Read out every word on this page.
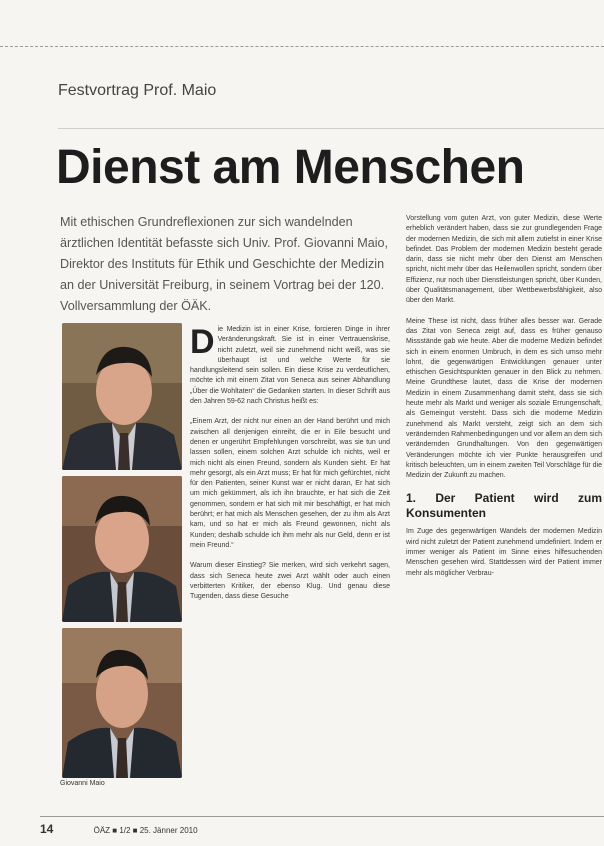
Festvortrag Prof. Maio
Dienst am Menschen
Mit ethischen Grundreflexionen zur sich wandelnden ärztlichen Identität befasste sich Univ. Prof. Giovanni Maio, Direktor des Instituts für Ethik und Geschichte der Medizin an der Universität Freiburg, in seinem Vortrag bei der 120. Vollversammlung der ÖÄK.
Giovanni Maio

Die Medizin ist in einer Krise, forcieren Dinge in ihrer Veränderungskraft. Sie ist in einer Vertrauenskrise, nicht zuletzt, weil sie zunehmend nicht weiß, was sie überhaupt ist und welche Werte für sie handlungsleitend sein sollen. Ein diese Krise zu verdeutlichen, möchte ich mit einem Zitat von Seneca aus seiner Abhandlung „Über die Wohltaten“ die Gedanken starten. In dieser Schrift aus den Jahren 59-62 nach Christus heißt es:

„Einem Arzt, der nicht nur einen an der Hand berührt und mich zwischen all denjenigen einreiht, die er in Eile besucht und denen er ungerührt Empfehlungen vorschreibt, was sie tun und lassen sollen, einem solchen Arzt schulde ich nichts, weil er mich nicht als einen Freund, sondern als Kunden sieht. Er hat mehr gesorgt, als ein Arzt muss; Er hat für mich gefürchtet, nicht für den Patienten, seiner Kunst war er nicht daran, Er hat sich um mich gekümmert, als ich ihn brauchte, er hat sich die Zeit genommen, sondern er hat sich mit mir beschäftigt, er hat mich berührt; er hat mich als Menschen gesehen, der zu ihm als Arzt kam, und so hat er mich als Freund gewonnen, nicht als Kunden; deshalb schulde ich ihm mehr als nur Geld, denn er ist mein Freund.“

Warum dieser Einstieg? Sie merken, wird sich verkehrt sagen, dass sich Seneca heute zwei Arzt wählt oder auch einen verbitterten Kritiker, der ebenso Klug. Und genau diese Tugenden, dass diese Gesuche

Vorstellung vom guten Arzt, von guter Medizin, diese Werte erheblich verändert haben, dass sie zur grundlegenden Frage der modernen Medizin, die sich mit allem zutiefst in einer Krise befindet. Das Problem der modernen Medizin besteht gerade darin, dass sie nicht mehr über den Dienst am Menschen spricht, nicht mehr über das Heilenwollen spricht, sondern über Effizienz, nur noch über Dienstleistungen spricht, über Kunden, über Qualitätsmanagement, über Wettbewerbsfähigkeit, also über den Markt.

Meine These ist nicht, dass früher alles besser war. Gerade das Zitat von Seneca zeigt auf, dass es früher genauso Missstände gab wie heute. Aber die moderne Medizin befindet sich in einem enormen Umbruch, in dem es sich umso mehr lohnt, die gegenwärtigen Entwicklungen genauer unter ethischen Gesichtspunkten genauer in den Blick zu nehmen. Meine Grundthese lautet, dass die Krise der modernen Medizin in einem Zusammenhang damit steht, dass sie sich heute mehr als Markt und weniger als soziale Errungenschaft, als Gemeingut versteht. Dass sich die moderne Medizin zunehmend als Markt versteht, zeigt sich an dem sich verändernden Rahmenbedingungen und vor allem an dem sich verändernden Grundhaltungen. Von den gegenwärtigen Veränderungen möchte ich vier Punkte herausgreifen und kritisch beleuchten, um in einem zweiten Teil Vorschläge für die Medizin der Zukunft zu machen.

1. Der Patient wird zum Konsumenten

Im Zuge des gegenwärtigen Wandels der modernen Medizin wird nicht zuletzt der Patient zunehmend umdefiniert. Indem er immer weniger als Patient im Sinne eines hilfesuchenden Menschen gesehen wird. Stattdessen wird der Patient immer mehr als möglicher Verbrau-

14	ÖÄZ ■ 1/2 ■ 25. Jänner 2010
